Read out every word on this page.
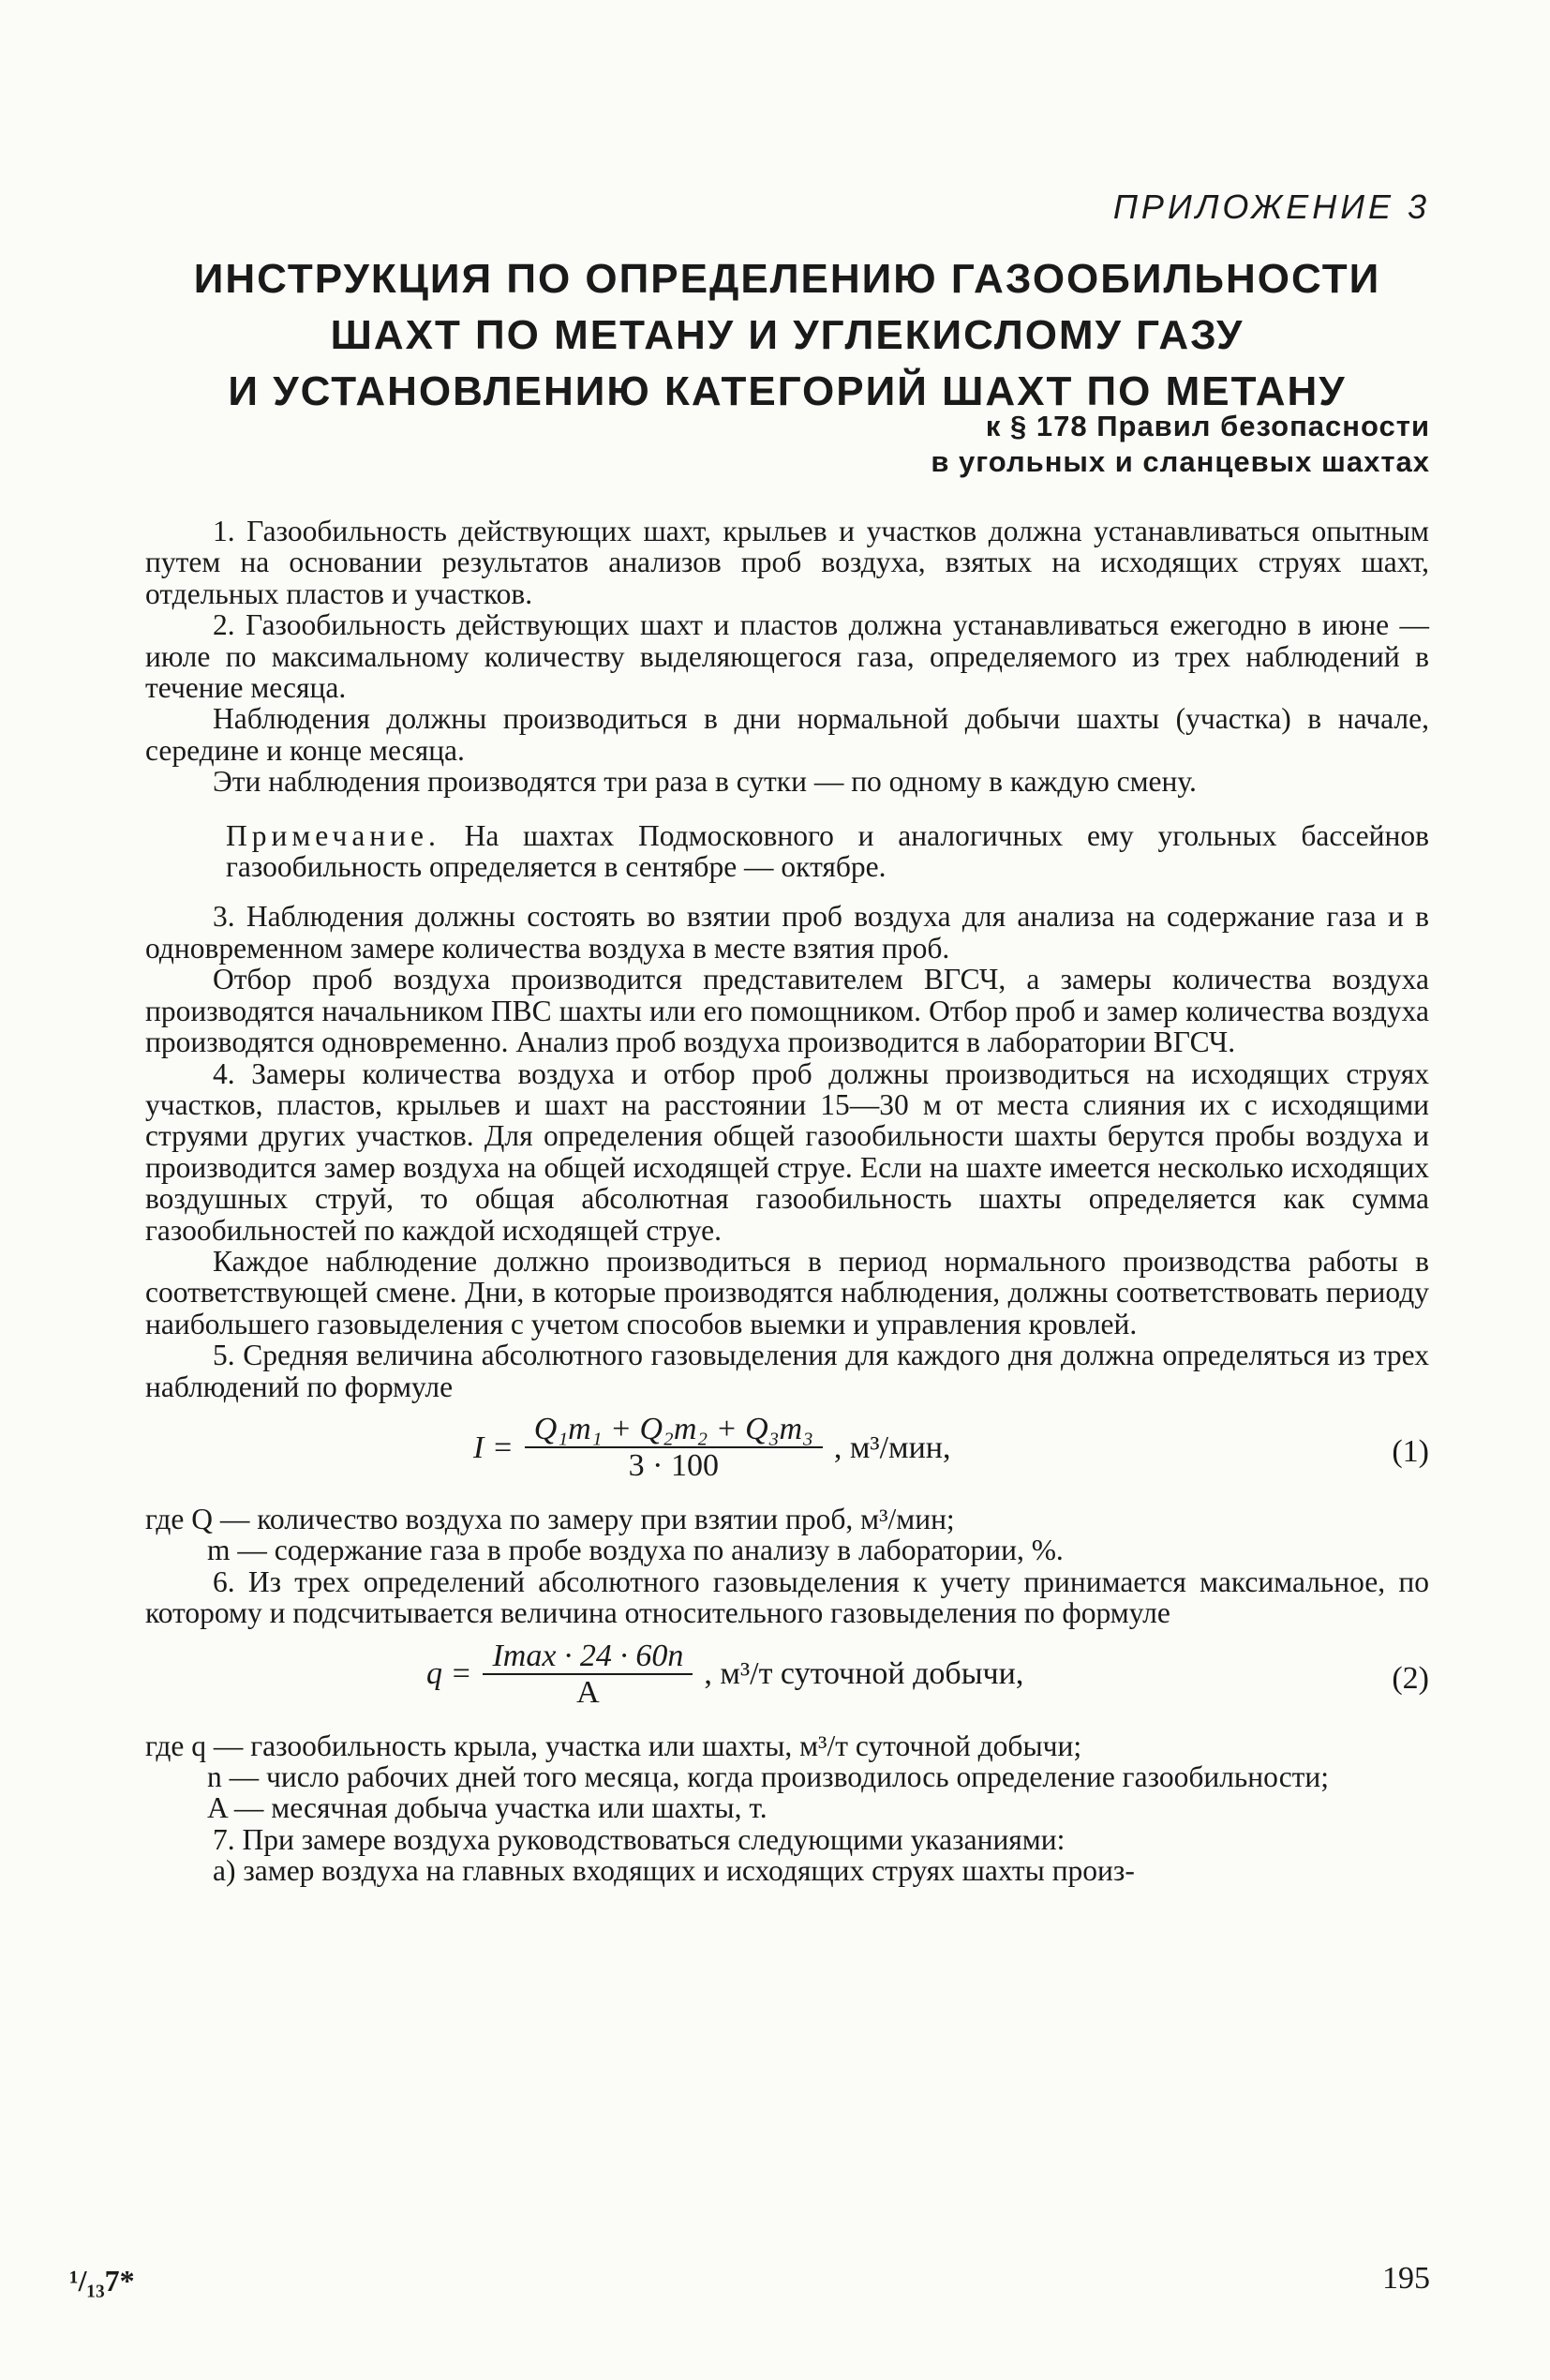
ПРИЛОЖЕНИЕ 3
ИНСТРУКЦИЯ ПО ОПРЕДЕЛЕНИЮ ГАЗООБИЛЬНОСТИ
ШАХТ ПО МЕТАНУ И УГЛЕКИСЛОМУ ГАЗУ
И УСТАНОВЛЕНИЮ КАТЕГОРИЙ ШАХТ ПО МЕТАНУ
к § 178 Правил безопасности
в угольных и сланцевых шахтах

1. Газообильность действующих шахт, крыльев и участков должна устанавливаться опытным путем на основании результатов анализов проб воздуха, взятых на исходящих струях шахт, отдельных пластов и участков.

2. Газообильность действующих шахт и пластов должна устанавливаться ежегодно в июне — июле по максимальному количеству выделяющегося газа, определяемого из трех наблюдений в течение месяца.

Наблюдения должны производиться в дни нормальной добычи шахты (участка) в начале, середине и конце месяца.

Эти наблюдения производятся три раза в сутки — по одному в каждую смену.

Примечание. На шахтах Подмосковного и аналогичных ему угольных бассейнов газообильность определяется в сентябре — октябре.

3. Наблюдения должны состоять во взятии проб воздуха для анализа на содержание газа и в одновременном замере количества воздуха в месте взятия проб.

Отбор проб воздуха производится представителем ВГСЧ, а замеры количества воздуха производятся начальником ПВС шахты или его помощником. Отбор проб и замер количества воздуха производятся одновременно. Анализ проб воздуха производится в лаборатории ВГСЧ.

4. Замеры количества воздуха и отбор проб должны производиться на исходящих струях участков, пластов, крыльев и шахт на расстоянии 15—30 м от места слияния их с исходящими струями других участков. Для определения общей газообильности шахты берутся пробы воздуха и производится замер воздуха на общей исходящей струе. Если на шахте имеется несколько исходящих воздушных струй, то общая абсолютная газообильность шахты определяется как сумма газообильностей по каждой исходящей струе.

Каждое наблюдение должно производиться в период нормального производства работы в соответствующей смене. Дни, в которые производятся наблюдения, должны соответствовать периоду наибольшего газовыделения с учетом способов выемки и управления кровлей.

5. Средняя величина абсолютного газовыделения для каждого дня должна определяться из трех наблюдений по формуле

$I = \frac{\text{Q₁m₁ + Q₂m₂ + Q₃m₃}}{3 \cdot 100}$ , м³/мин,	(1)
где Q — количество воздуха по замеру при взятии проб, м³/мин;
m — содержание газа в пробе воздуха по анализу в лаборатории, %.

6. Из трех определений абсолютного газовыделения к учету принимается максимальное, по которому и подсчитывается величина относительного газовыделения по формуле

$q = \frac{Imax \cdot 24 \cdot 60n}{A}$ , м³/т суточной добычи,	(2)
где q — газообильность крыла, участка или шахты, м³/т суточной добычи;
n — число рабочих дней того месяца, когда производилось определение газообильности;
A — месячная добыча участка или шахты, т.

7. При замере воздуха руководствоваться следующими указаниями:

а) замер воздуха на главных входящих и исходящих струях шахты произ-

¹/₁₃7*	195
